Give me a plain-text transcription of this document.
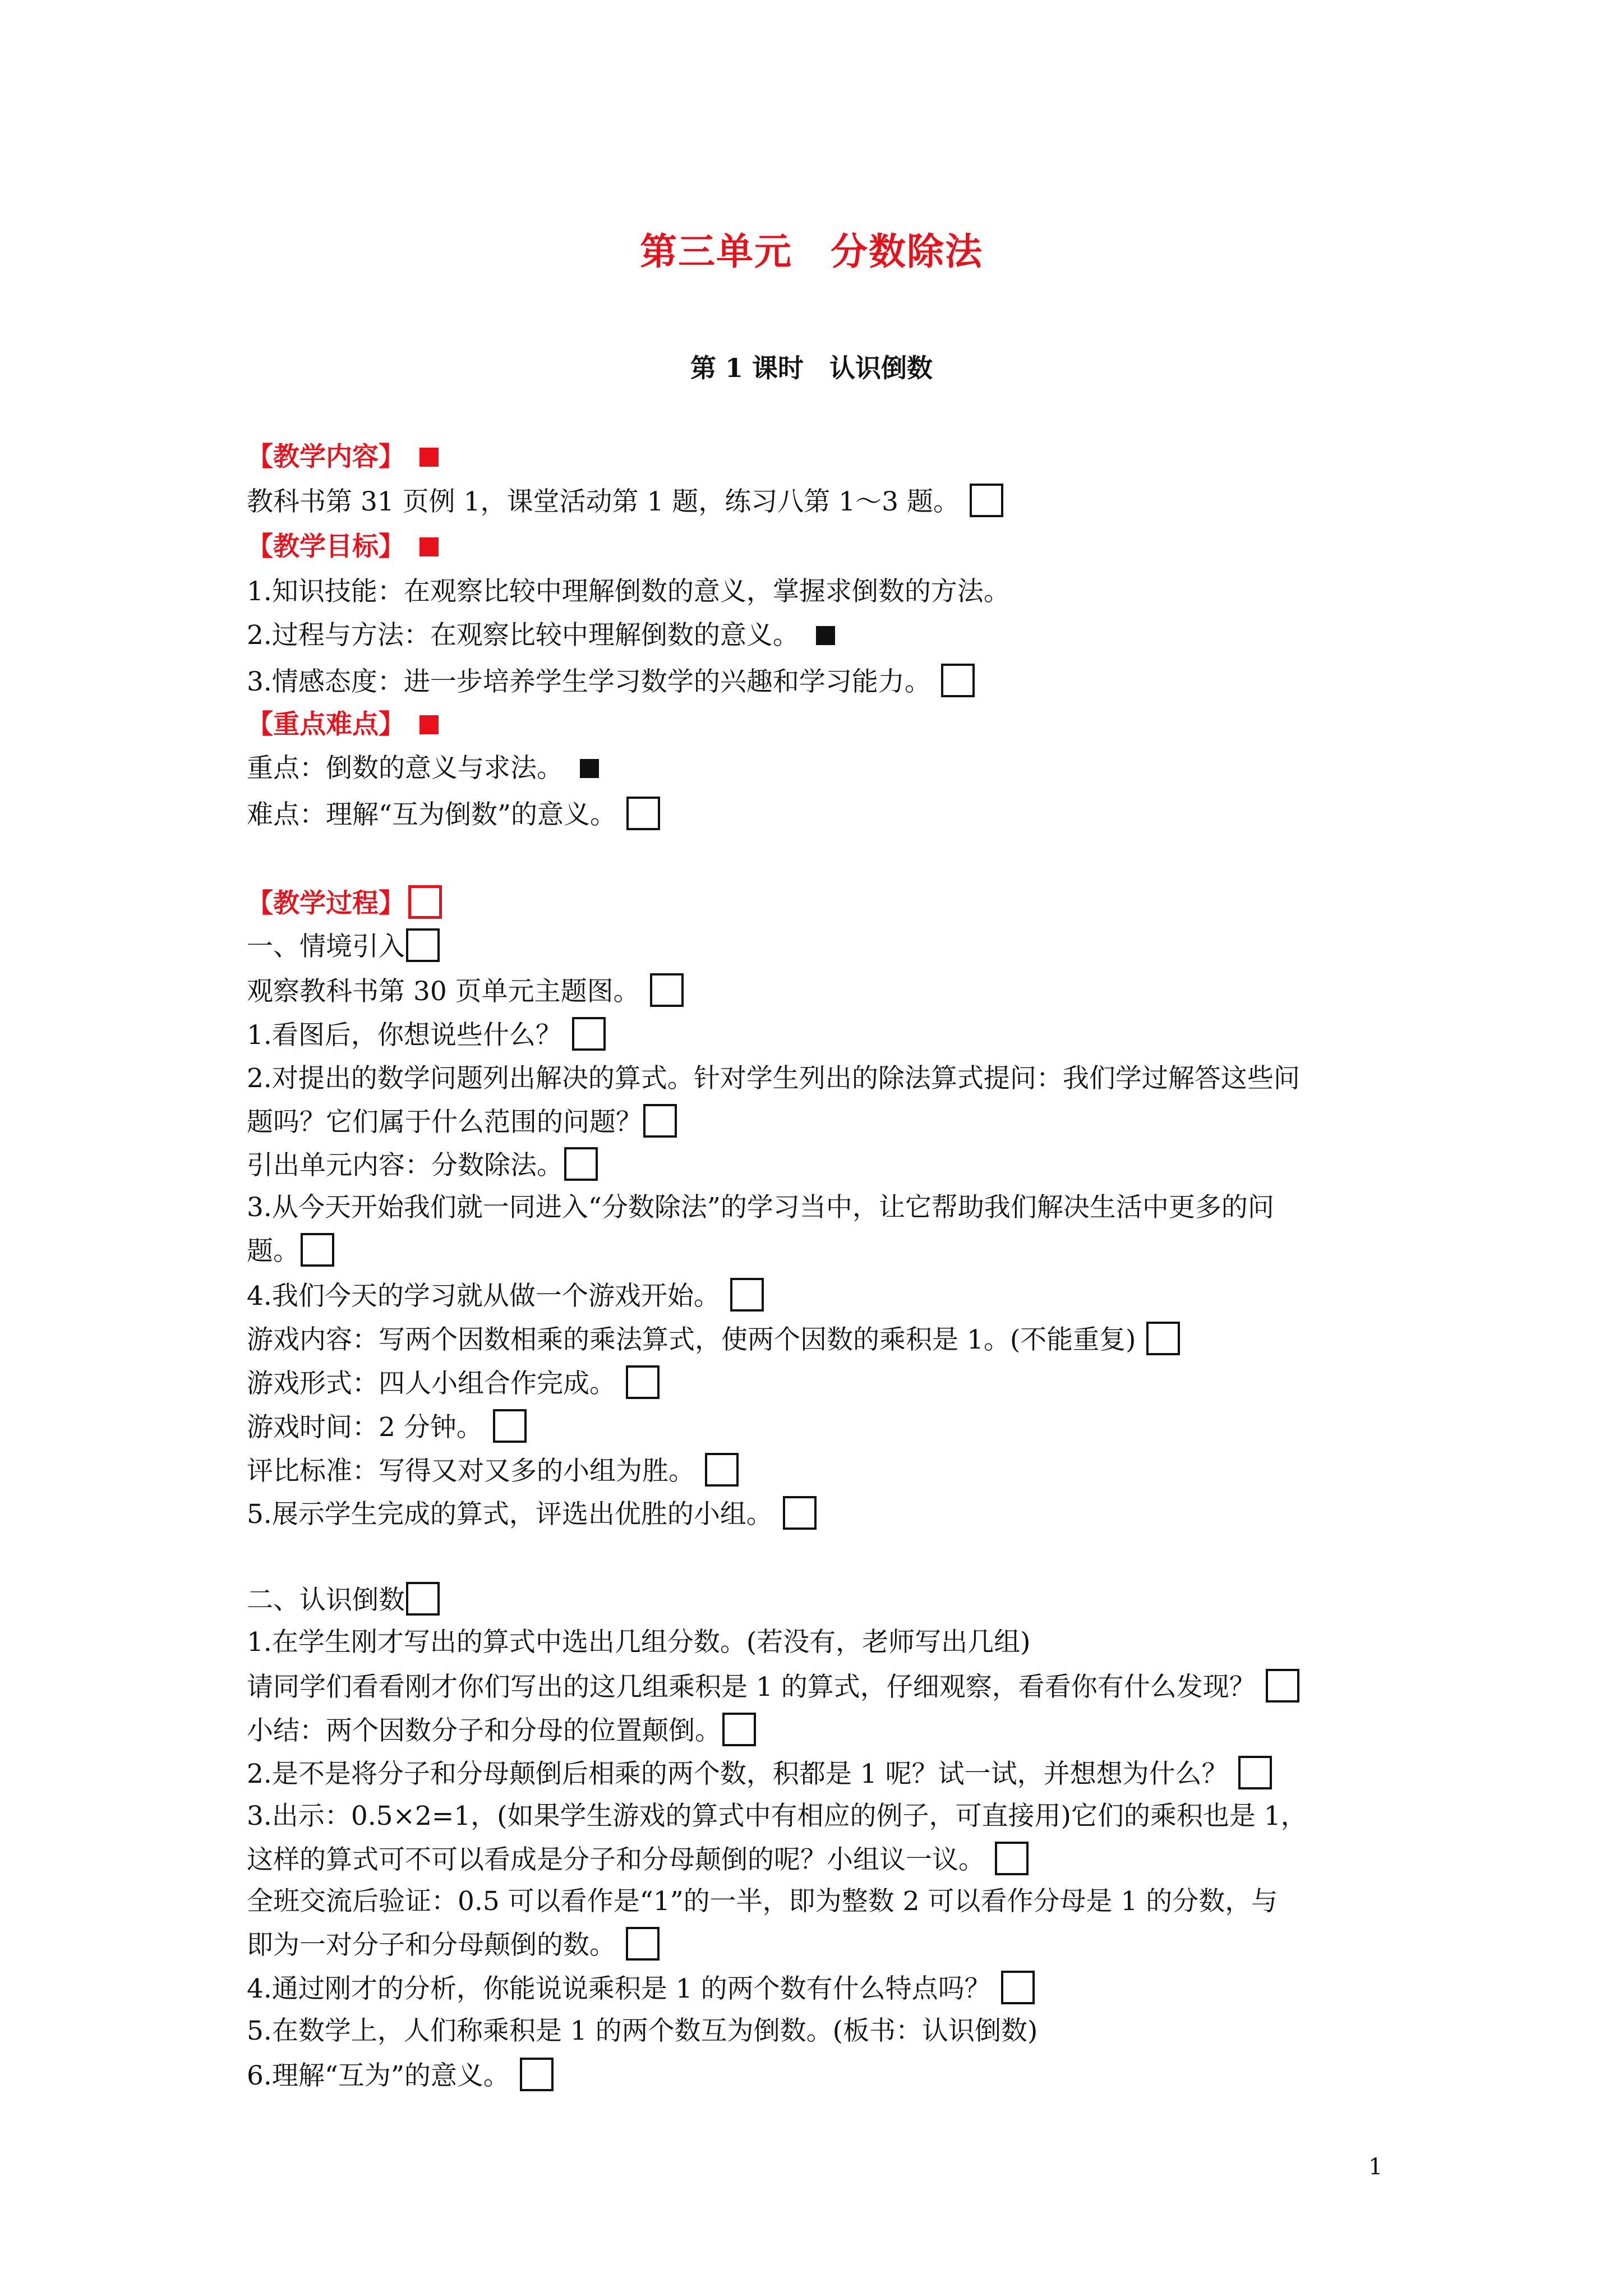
第三单元　分数除法
第 1 课时　认识倒数
【教学内容】
教科书第 31 页例 1，课堂活动第 1 题，练习八第 1～3 题。
【教学目标】
1.知识技能：在观察比较中理解倒数的意义，掌握求倒数的方法。
2.过程与方法：在观察比较中理解倒数的意义。
3.情感态度：进一步培养学生学习数学的兴趣和学习能力。
【重点难点】
重点：倒数的意义与求法。
难点：理解“互为倒数”的意义。
【教学过程】
一、情境引入
观察教科书第 30 页单元主题图。
1.看图后，你想说些什么？
2.对提出的数学问题列出解决的算式。针对学生列出的除法算式提问：我们学过解答这些问
题吗？它们属于什么范围的问题？
引出单元内容：分数除法。
3.从今天开始我们就一同进入“分数除法”的学习当中，让它帮助我们解决生活中更多的问
题。
4.我们今天的学习就从做一个游戏开始。
游戏内容：写两个因数相乘的乘法算式，使两个因数的乘积是 1。(不能重复)
游戏形式：四人小组合作完成。
游戏时间：2 分钟。
评比标准：写得又对又多的小组为胜。
5.展示学生完成的算式，评选出优胜的小组。
二、认识倒数
1.在学生刚才写出的算式中选出几组分数。(若没有，老师写出几组)
请同学们看看刚才你们写出的这几组乘积是 1 的算式，仔细观察，看看你有什么发现？
小结：两个因数分子和分母的位置颠倒。
2.是不是将分子和分母颠倒后相乘的两个数，积都是 1 呢？试一试，并想想为什么？
3.出示：0.5×2=1，(如果学生游戏的算式中有相应的例子，可直接用)它们的乘积也是 1，
这样的算式可不可以看成是分子和分母颠倒的呢？小组议一议。
全班交流后验证：0.5 可以看作是“1”的一半，即为整数 2 可以看作分母是 1 的分数，与
即为一对分子和分母颠倒的数。
4.通过刚才的分析，你能说说乘积是 1 的两个数有什么特点吗？
5.在数学上，人们称乘积是 1 的两个数互为倒数。(板书：认识倒数)
6.理解“互为”的意义。
1
